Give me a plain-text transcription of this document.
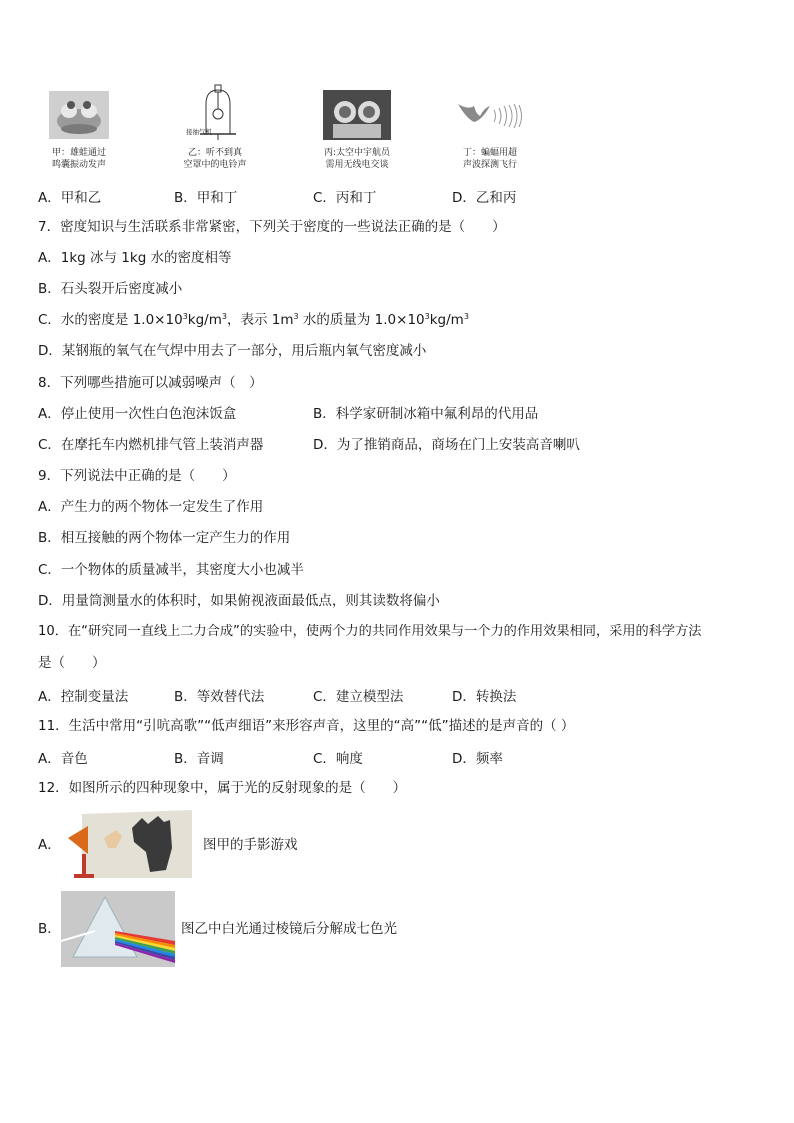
甲：雄蛙通过
鸣囊振动发声
接抽气机
乙：听不到真
空罩中的电铃声
丙:太空中宇航员
需用无线电交谈
丁：蝙蝠用超
声波探测飞行
A．甲和乙	B．甲和丁	C．丙和丁	D．乙和丙
7．密度知识与生活联系非常紧密，下列关于密度的一些说法正确的是（　　）
A．1kg 冰与 1kg 水的密度相等
B．石头裂开后密度减小
C．水的密度是 $1.0\times 10^3kg/m^3$，表示 $1m^3$ 水的质量为 $1.0\times 10^3kg/m^3$
D．某钢瓶的氧气在气焊中用去了一部分，用后瓶内氧气密度减小
8．下列哪些措施可以减弱噪声（　）
A．停止使用一次性白色泡沫饭盒	B．科学家研制冰箱中氟利昂的代用品
C．在摩托车内燃机排气管上装消声器	D．为了推销商品，商场在门上安装高音喇叭
9．下列说法中正确的是（　　）
A．产生力的两个物体一定发生了作用
B．相互接触的两个物体一定产生力的作用
C．一个物体的质量减半，其密度大小也减半
D．用量筒测量水的体积时，如果俯视液面最低点，则其读数将偏小
10．在“研究同一直线上二力合成”的实验中，使两个力的共同作用效果与一个力的作用效果相同，采用的科学方法
是（　　）
A．控制变量法	B．等效替代法	C．建立模型法	D．转换法
11．生活中常用“引吭高歌”“低声细语”来形容声音，这里的“高”“低”描述的是声音的（ ）
A．音色	B．音调	C．响度	D．频率
12．如图所示的四种现象中，属于光的反射现象的是（　　）
A．	图甲的手影游戏
B．	图乙中白光通过棱镜后分解成七色光
